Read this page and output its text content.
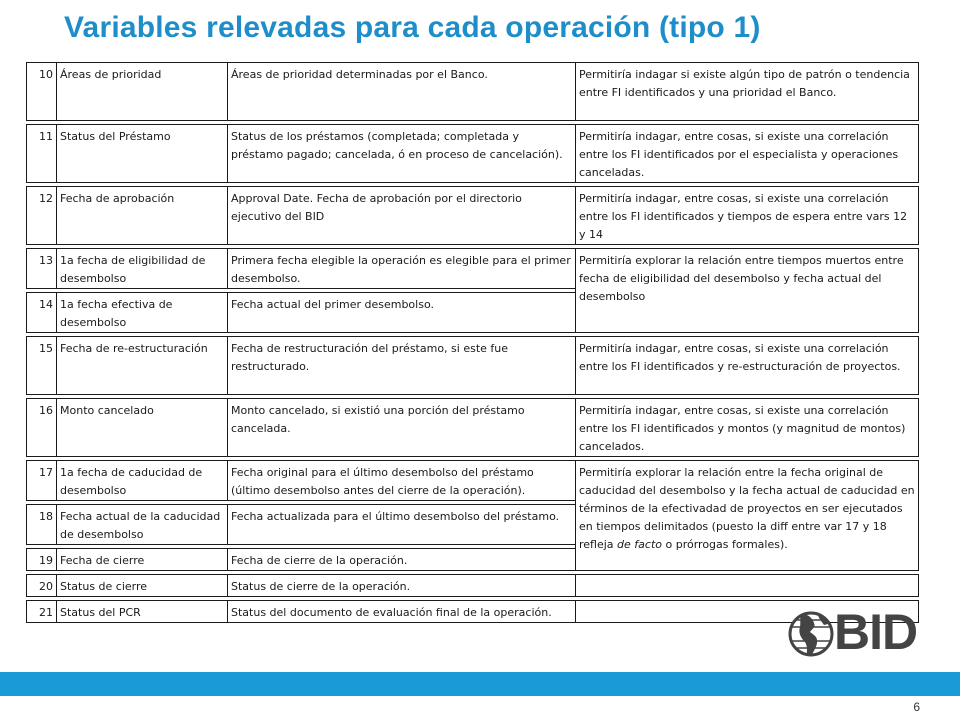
Variables relevadas para cada operación (tipo 1)
10	Áreas de prioridad	Áreas de prioridad determinadas por el Banco.	Permitiría indagar si existe algún tipo de patrón o tendencia entre FI identificados y una prioridad el Banco.

11	Status del Préstamo	Status de los préstamos (completada; completada y préstamo pagado; cancelada, ó en proceso de cancelación).	Permitiría indagar, entre cosas, si existe una correlación entre los FI identificados por el especialista y operaciones canceladas.

12	Fecha de aprobación	Approval Date. Fecha de aprobación por el directorio ejecutivo del BID	Permitiría indagar, entre cosas, si existe una correlación entre los FI identificados y tiempos de espera entre vars 12 y 14

13	1a fecha de eligibilidad de desembolso	Primera fecha elegible la operación es elegible para el primer desembolso.	Permitiría explorar la relación entre tiempos muertos entre fecha de eligibilidad del desembolso y fecha actual del desembolso

14	1a fecha efectiva de desembolso	Fecha actual del primer desembolso.	

15	Fecha de re-estructuración	Fecha de restructuración del préstamo, si este fue restructurado.	Permitiría indagar, entre cosas, si existe una correlación entre los FI identificados y re-estructuración de proyectos.

16	Monto cancelado	Monto cancelado, si existió una porción del préstamo cancelada.	Permitiría indagar, entre cosas, si existe una correlación entre los FI identificados y montos (y magnitud de montos) cancelados.

17	1a fecha de caducidad de desembolso	Fecha original para el último desembolso del préstamo (último desembolso antes del cierre de la operación).	Permitiría explorar la relación entre la fecha original de caducidad del desembolso y la fecha actual de caducidad en términos de la efectivadad de proyectos en ser ejecutados en tiempos delimitados (puesto la diff entre var 17 y 18 refleja de facto o prórrogas formales).

18	Fecha actual de la caducidad de desembolso	Fecha actualizada para el último desembolso del préstamo.	

19	Fecha de cierre	Fecha de cierre de la operación.	

20	Status de cierre	Status de cierre de la operación.	

21	Status del PCR	Status del documento de evaluación final de la operación.		BID
6
